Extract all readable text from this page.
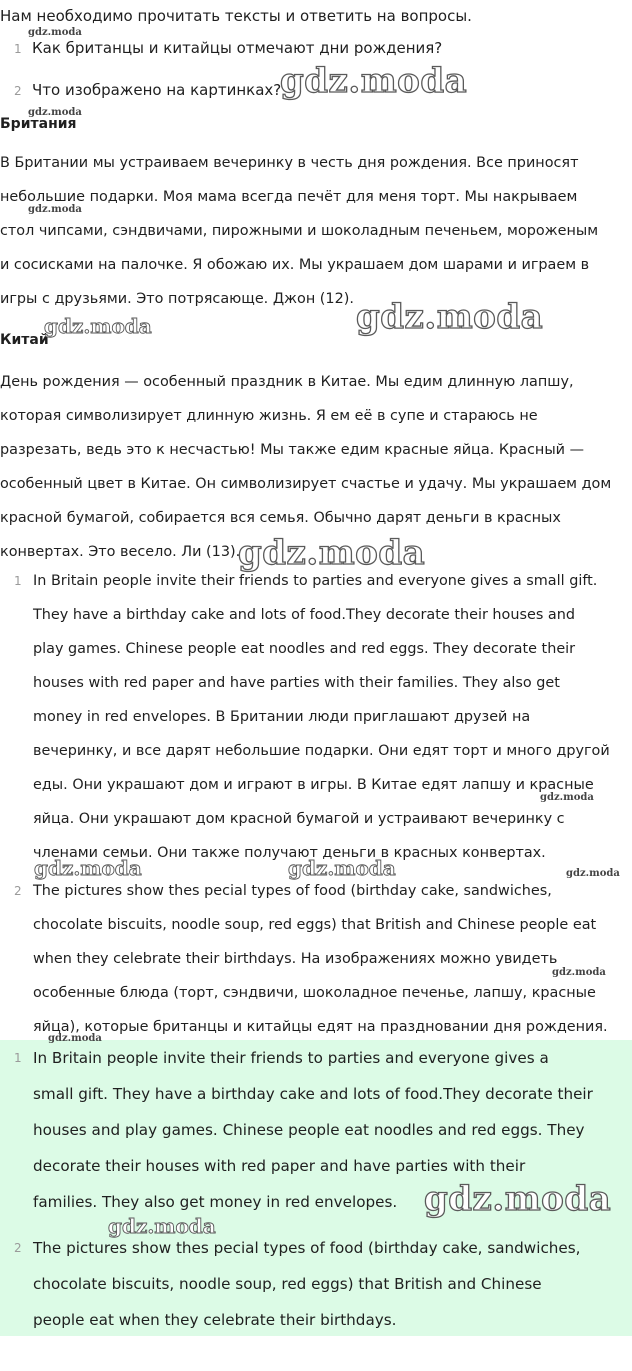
Нам необходимо прочитать тексты и ответить на вопросы.
1 Как британцы и китайцы отмечают дни рождения?
2 Что изображено на картинках?
Британия
В Британии мы устраиваем вечеринку в честь дня рождения. Все приносят
небольшие подарки. Моя мама всегда печёт для меня торт. Мы накрываем
стол чипсами, сэндвичами, пирожными и шоколадным печеньем, мороженым
и сосисками на палочке. Я обожаю их. Мы украшаем дом шарами и играем в
игры с друзьями. Это потрясающе. Джон (12).
Китай
День рождения — особенный праздник в Китае. Мы едим длинную лапшу,
которая символизирует длинную жизнь. Я ем её в супе и стараюсь не
разрезать, ведь это к несчастью! Мы также едим красные яйца. Красный —
особенный цвет в Китае. Он символизирует счастье и удачу. Мы украшаем дом
красной бумагой, собирается вся семья. Обычно дарят деньги в красных
конвертах. Это весело. Ли (13).
1 In Britain people invite their friends to parties and everyone gives a small gift.
They have a birthday cake and lots of food.They decorate their houses and
play games. Chinese people eat noodles and red eggs. They decorate their
houses with red paper and have parties with their families. They also get
money in red envelopes. В Британии люди приглашают друзей на
вечеринку, и все дарят небольшие подарки. Они едят торт и много другой
еды. Они украшают дом и играют в игры. В Китае едят лапшу и красные
яйца. Они украшают дом красной бумагой и устраивают вечеринку с
членами семьи. Они также получают деньги в красных конвертах.
2 The pictures show thes pecial types of food (birthday cake, sandwiches,
chocolate biscuits, noodle soup, red eggs) that British and Chinese people eat
when they celebrate their birthdays. На изображениях можно увидеть
особенные блюда (торт, сэндвичи, шоколадное печенье, лапшу, красные
яйца), которые британцы и китайцы едят на праздновании дня рождения.
1 In Britain people invite their friends to parties and everyone gives a
small gift. They have a birthday cake and lots of food.They decorate their
houses and play games. Chinese people eat noodles and red eggs. They
decorate their houses with red paper and have parties with their
families. They also get money in red envelopes.
2 The pictures show thes pecial types of food (birthday cake, sandwiches,
chocolate biscuits, noodle soup, red eggs) that British and Chinese
people eat when they celebrate their birthdays.
gdz.moda
gdz.moda
gdz.moda
gdz.moda
gdz.moda	gdz.moda
gdz.moda
gdz.moda
gdz.moda	gdz.moda	gdz.moda
gdz.moda
gdz.moda
gdz.moda
gdz.moda
